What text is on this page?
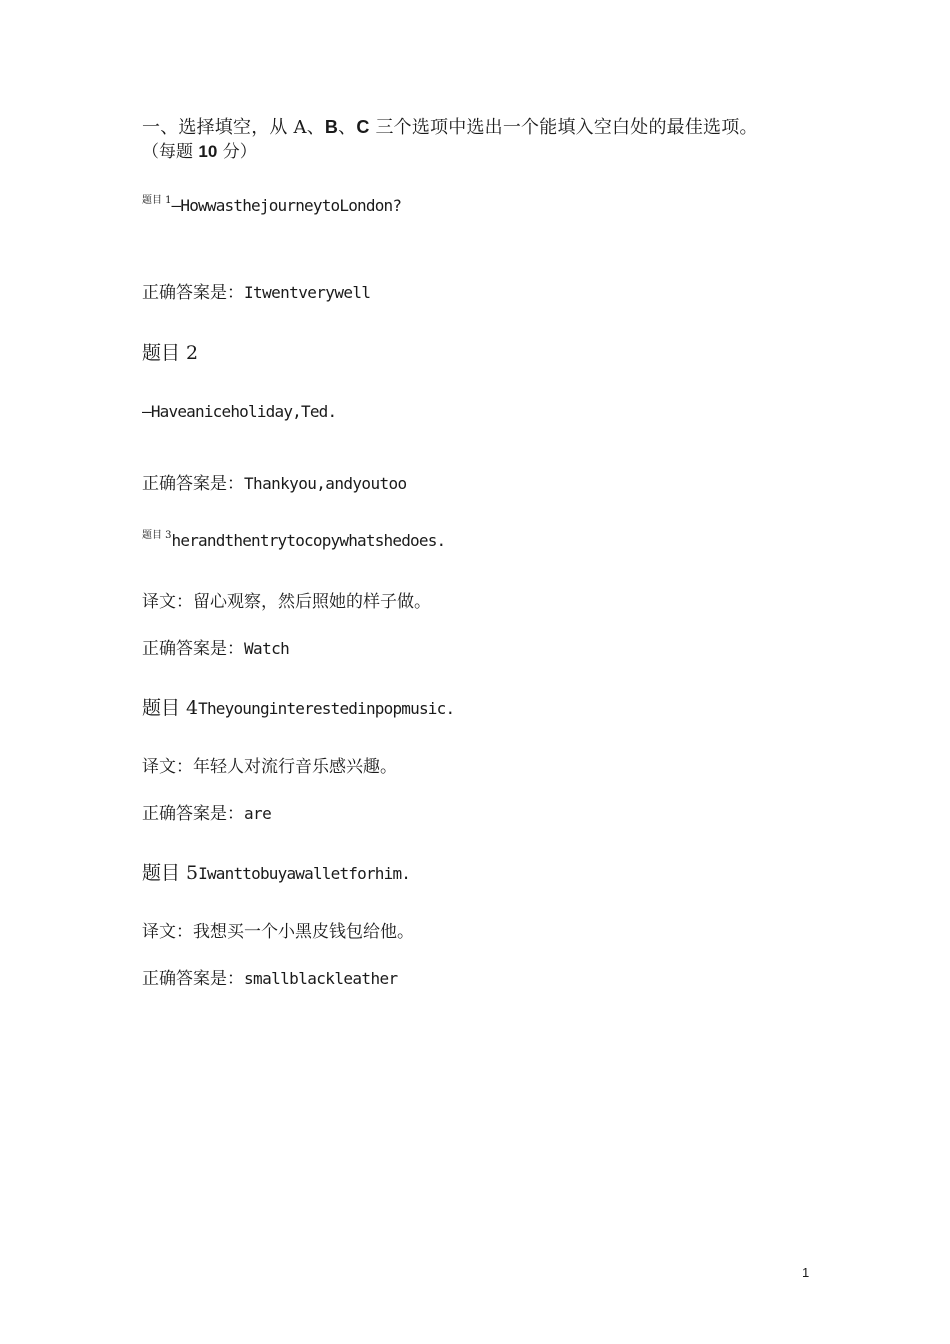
一、选择填空，从 A、B、C 三个选项中选出一个能填入空白处的最佳选项。
（每题 10 分）
$^{题目 1}$—HowwasthejourneytoLondon?
正确答案是：Itwentverywell
题目 2
—Haveaniceholiday,Ted.
正确答案是：Thankyou,andyoutoo
$^{题目 3}$herandthentrytocopywhatshedoes.
译文：留心观察，然后照她的样子做。
正确答案是：Watch
题目 4Theyounginterestedinpopmusic.
译文：年轻人对流行音乐感兴趣。
正确答案是：are
题目 5Iwanttobuyawalletforhim.
译文：我想买一个小黑皮钱包给他。
正确答案是：smallblackleather
1
